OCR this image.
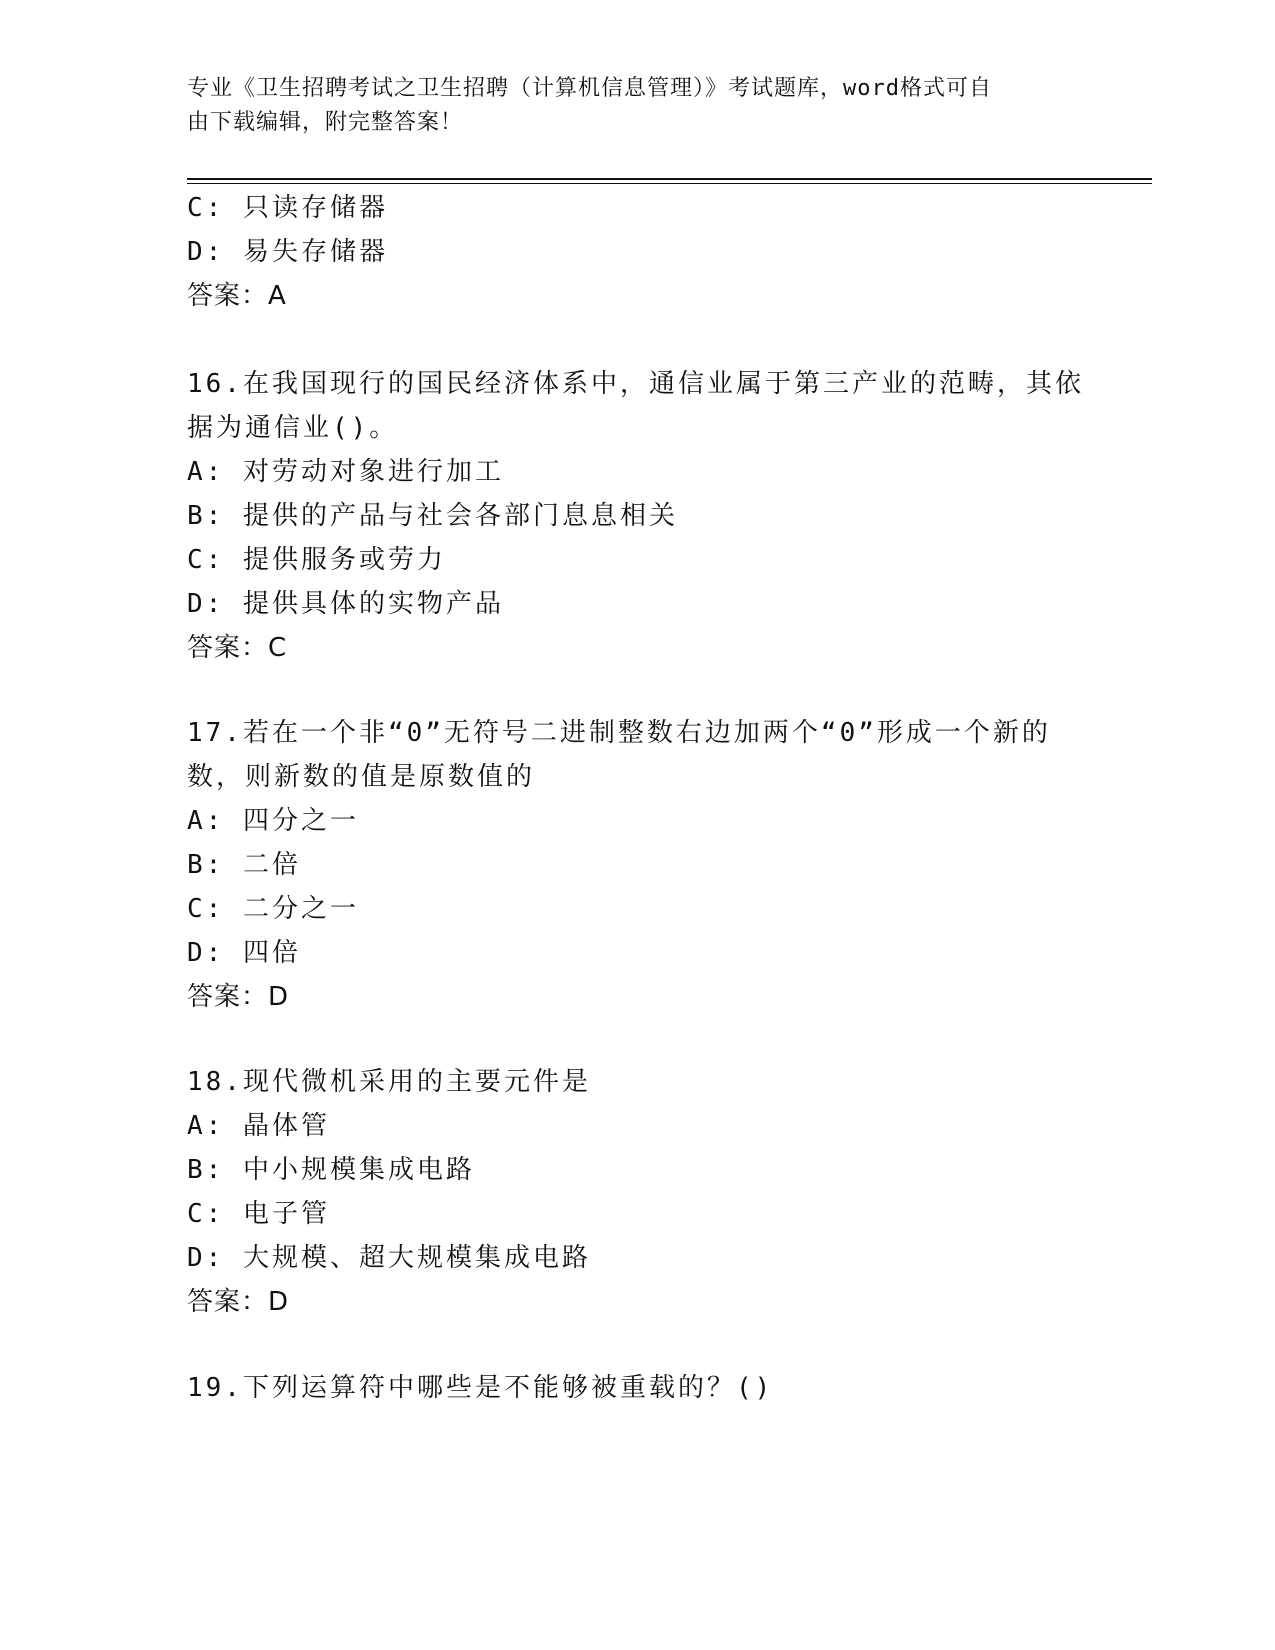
专业《卫生招聘考试之卫生招聘（计算机信息管理）》考试题库，word格式可自
由下载编辑，附完整答案！
C: 只读存储器
D: 易失存储器
答案：A
16.在我国现行的国民经济体系中，通信业属于第三产业的范畴，其依
据为通信业()。
A: 对劳动对象进行加工
B: 提供的产品与社会各部门息息相关
C: 提供服务或劳力
D: 提供具体的实物产品
答案：C
17.若在一个非“0”无符号二进制整数右边加两个“0”形成一个新的
数，则新数的值是原数值的
A: 四分之一
B: 二倍
C: 二分之一
D: 四倍
答案：D
18.现代微机采用的主要元件是
A: 晶体管
B: 中小规模集成电路
C: 电子管
D: 大规模、超大规模集成电路
答案：D
19.下列运算符中哪些是不能够被重载的？()
